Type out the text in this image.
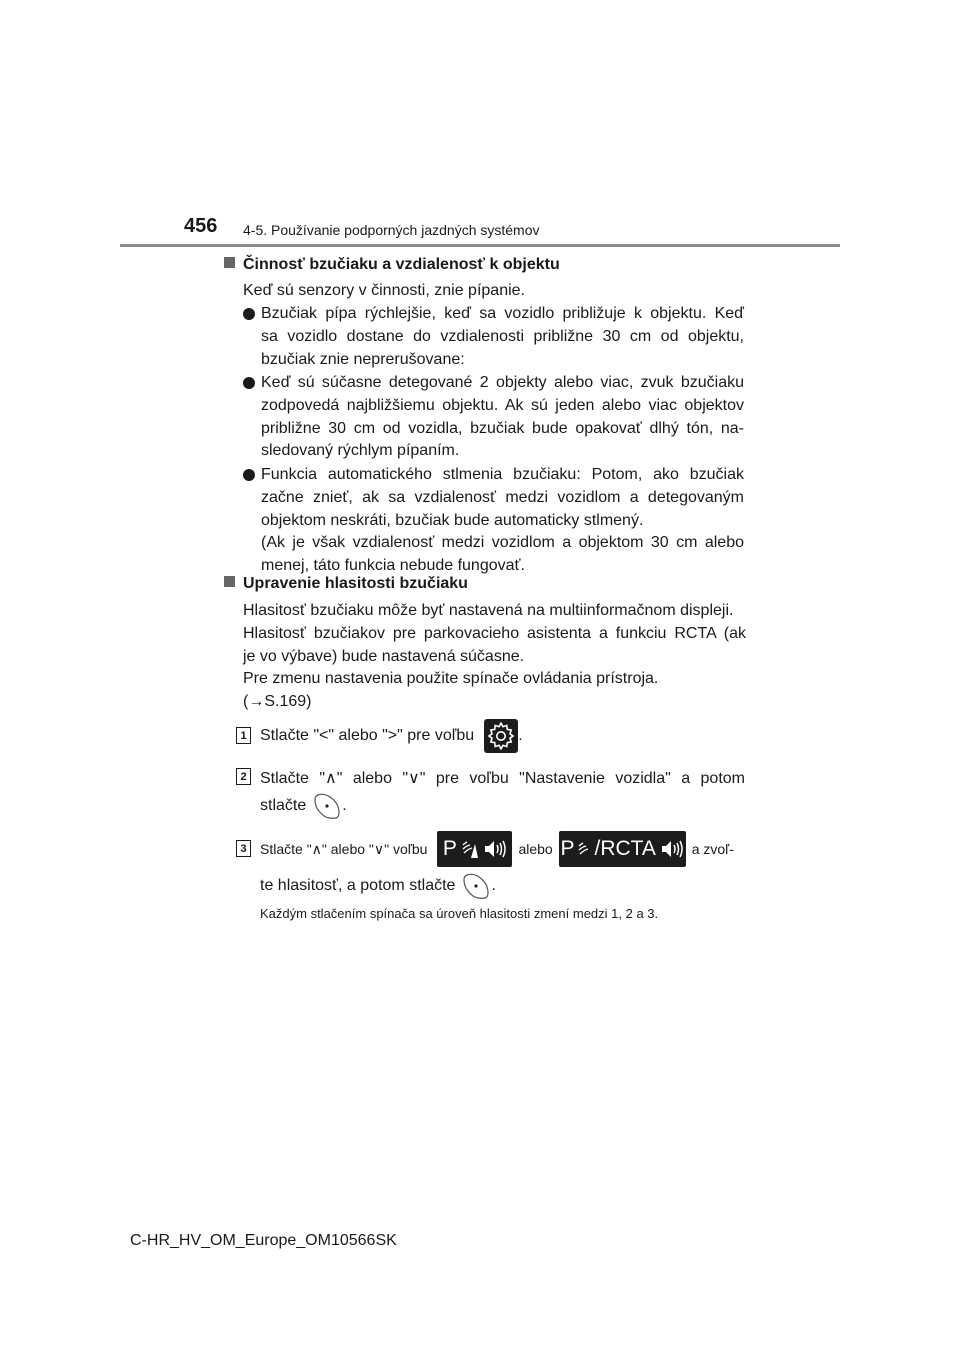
456 4-5. Používanie podporných jazdných systémov
Činnosť bzučiaku a vzdialenosť k objektu
Keď sú senzory v činnosti, znie pípanie.
Bzučiak pípa rýchlejšie, keď sa vozidlo približuje k objektu. Keď
sa vozidlo dostane do vzdialenosti približne 30 cm od objektu,
bzučiak znie neprerušovane:
Keď sú súčasne detegované 2 objekty alebo viac, zvuk bzučiaku
zodpovedá najbližšiemu objektu. Ak sú jeden alebo viac objektov
približne 30 cm od vozidla, bzučiak bude opakovať dlhý tón, na-
sledovaný rýchlym pípaním.
Funkcia automatického stlmenia bzučiaku: Potom, ako bzučiak
začne znieť, ak sa vzdialenosť medzi vozidlom a detegovaným
objektom neskráti, bzučiak bude automaticky stlmený.
(Ak je však vzdialenosť medzi vozidlom a objektom 30 cm alebo
menej, táto funkcia nebude fungovať.
Upravenie hlasitosti bzučiaku
Hlasitosť bzučiaku môže byť nastavená na multiinformačnom displeji.
Hlasitosť bzučiakov pre parkovacieho asistenta a funkciu RCTA (ak
je vo výbave) bude nastavená súčasne.
Pre zmenu nastavenia použite spínače ovládania prístroja.
(→S.169)
1 Stlačte "<" alebo ">" pre voľbu	.
2 Stlačte "∧" alebo "∨" pre voľbu "Nastavenie vozidla" a potom
stlačte .
3 Stlačte "∧" alebo "∨" voľbu P	alebo P /RCTA	a zvoľ-
te hlasitosť, a potom stlačte .
Každým stlačením spínača sa úroveň hlasitosti zmení medzi 1, 2 a 3.
C-HR_HV_OM_Europe_OM10566SK
